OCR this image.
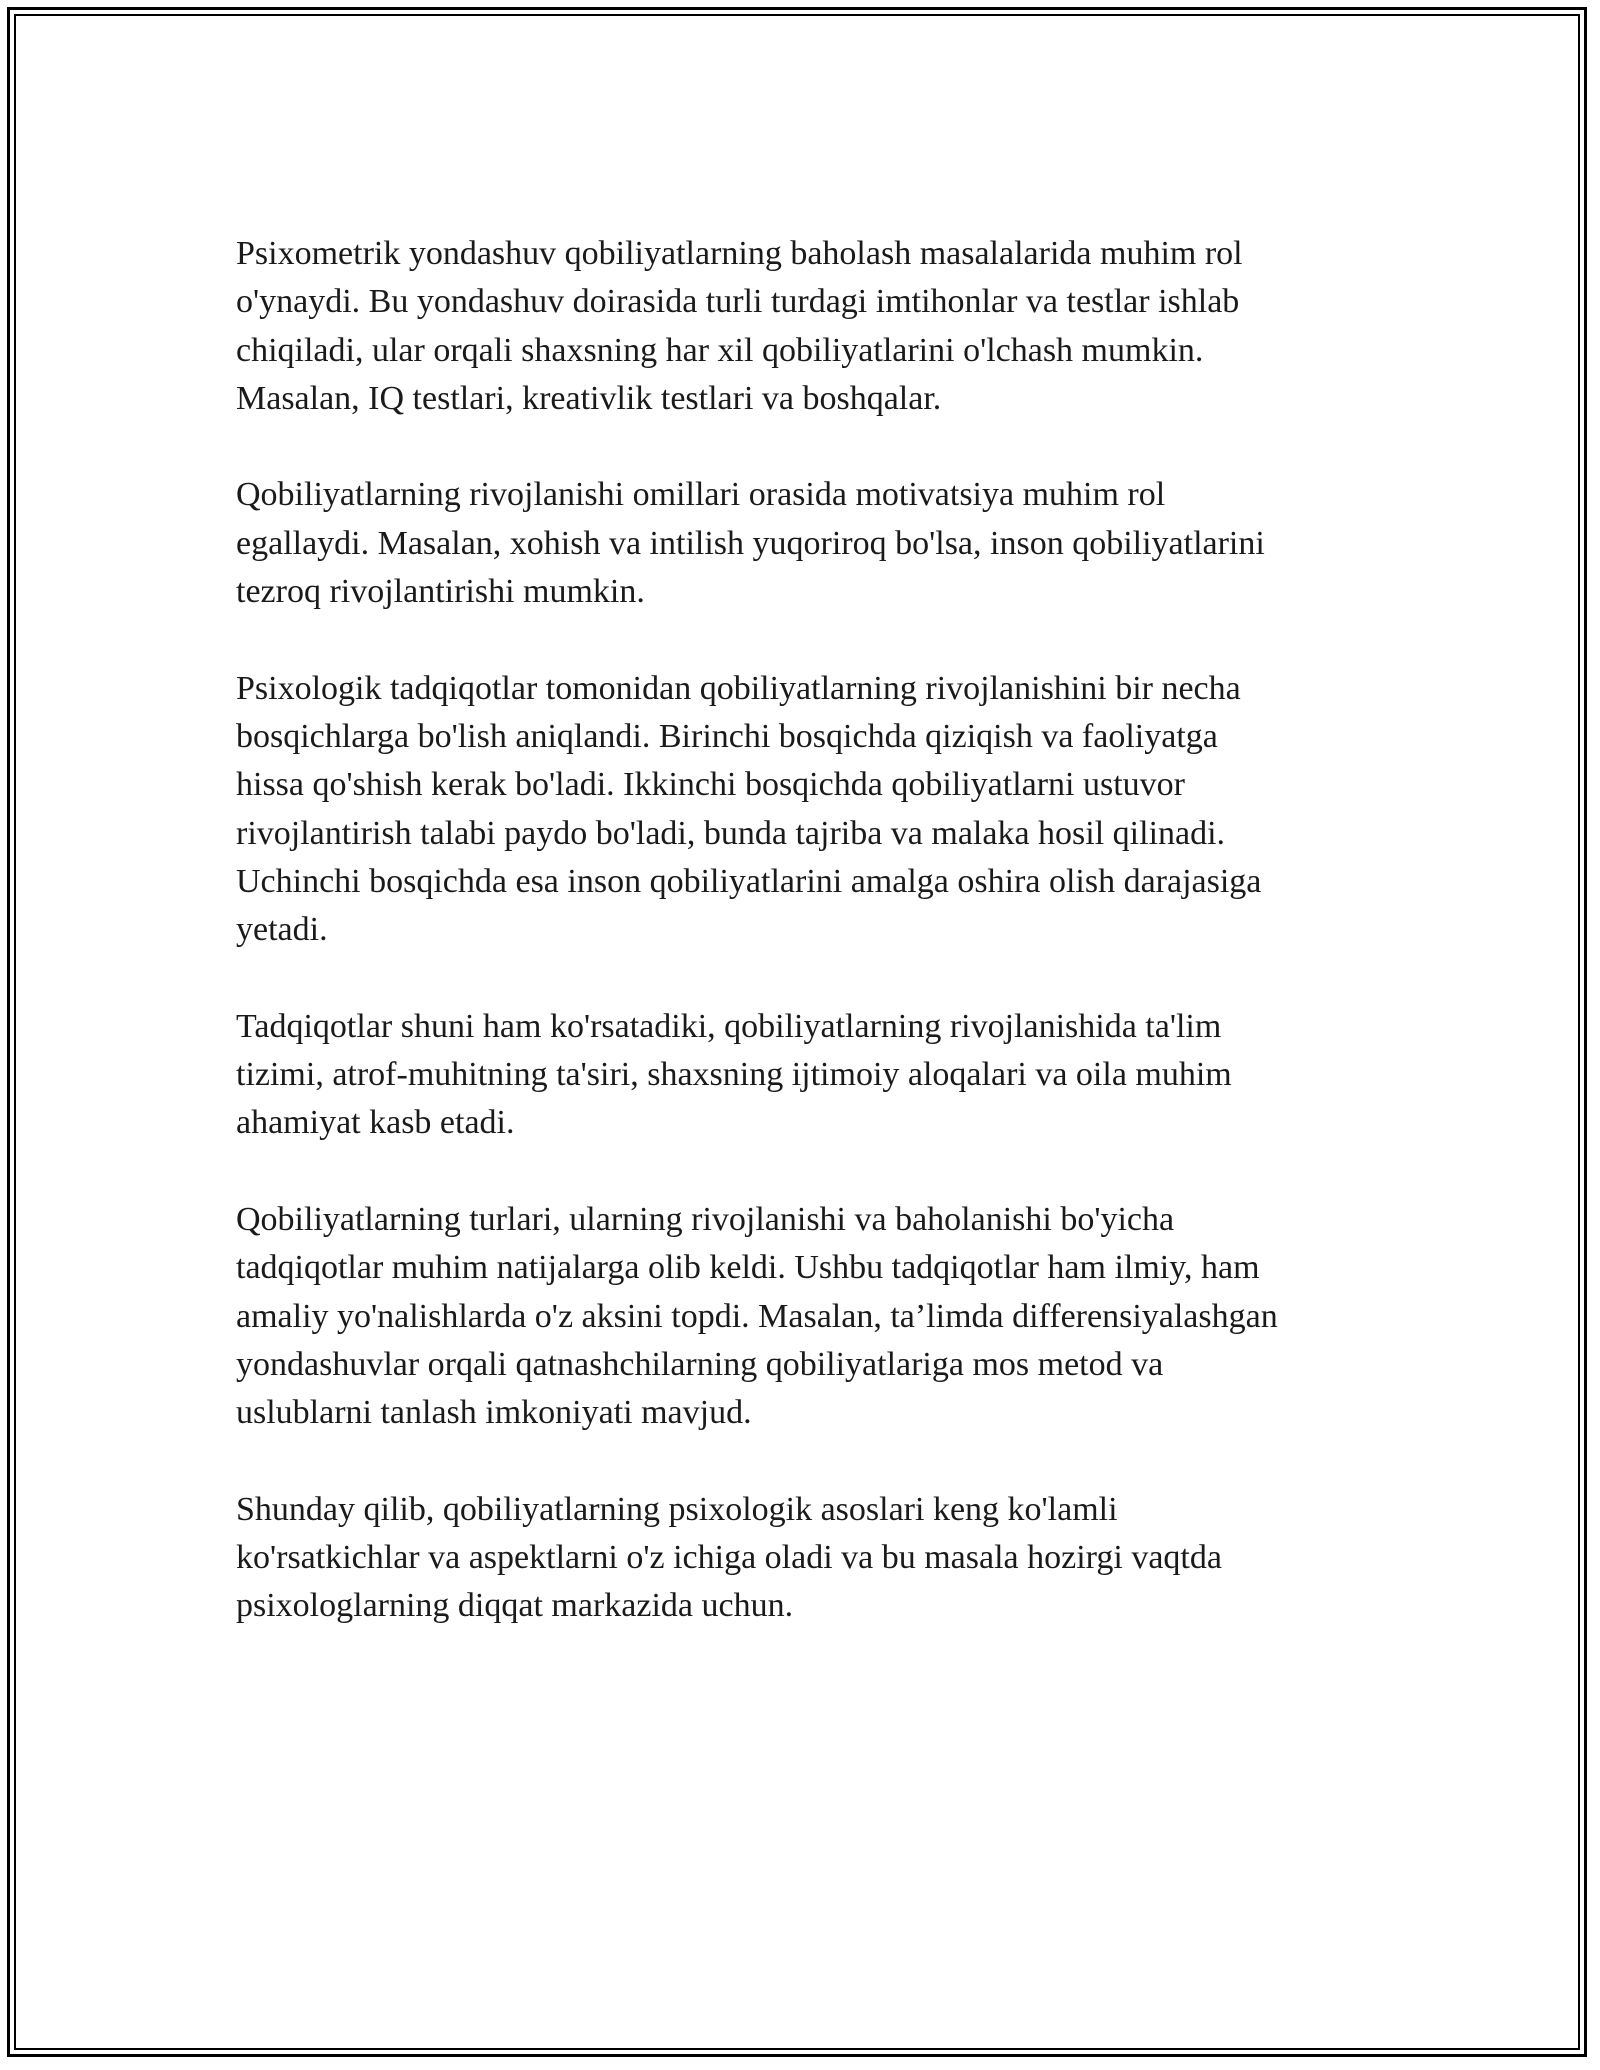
Psixometrik yondashuv qobiliyatlarning baholash masalalarida muhim rol
o'ynaydi. Bu yondashuv doirasida turli turdagi imtihonlar va testlar ishlab
chiqiladi, ular orqali shaxsning har xil qobiliyatlarini o'lchash mumkin.
Masalan, IQ testlari, kreativlik testlari va boshqalar.

Qobiliyatlarning rivojlanishi omillari orasida motivatsiya muhim rol
egallaydi. Masalan, xohish va intilish yuqoriroq bo'lsa, inson qobiliyatlarini
tezroq rivojlantirishi mumkin.

Psixologik tadqiqotlar tomonidan qobiliyatlarning rivojlanishini bir necha
bosqichlarga bo'lish aniqlandi. Birinchi bosqichda qiziqish va faoliyatga
hissa qo'shish kerak bo'ladi. Ikkinchi bosqichda qobiliyatlarni ustuvor
rivojlantirish talabi paydo bo'ladi, bunda tajriba va malaka hosil qilinadi.
Uchinchi bosqichda esa inson qobiliyatlarini amalga oshira olish darajasiga
yetadi.

Tadqiqotlar shuni ham ko'rsatadiki, qobiliyatlarning rivojlanishida ta'lim
tizimi, atrof-muhitning ta'siri, shaxsning ijtimoiy aloqalari va oila muhim
ahamiyat kasb etadi.

Qobiliyatlarning turlari, ularning rivojlanishi va baholanishi bo'yicha
tadqiqotlar muhim natijalarga olib keldi. Ushbu tadqiqotlar ham ilmiy, ham
amaliy yo'nalishlarda o'z aksini topdi. Masalan, ta’limda differensiyalashgan
yondashuvlar orqali qatnashchilarning qobiliyatlariga mos metod va
uslublarni tanlash imkoniyati mavjud.

Shunday qilib, qobiliyatlarning psixologik asoslari keng ko'lamli
ko'rsatkichlar va aspektlarni o'z ichiga oladi va bu masala hozirgi vaqtda
psixologlarning diqqat markazida uchun.
